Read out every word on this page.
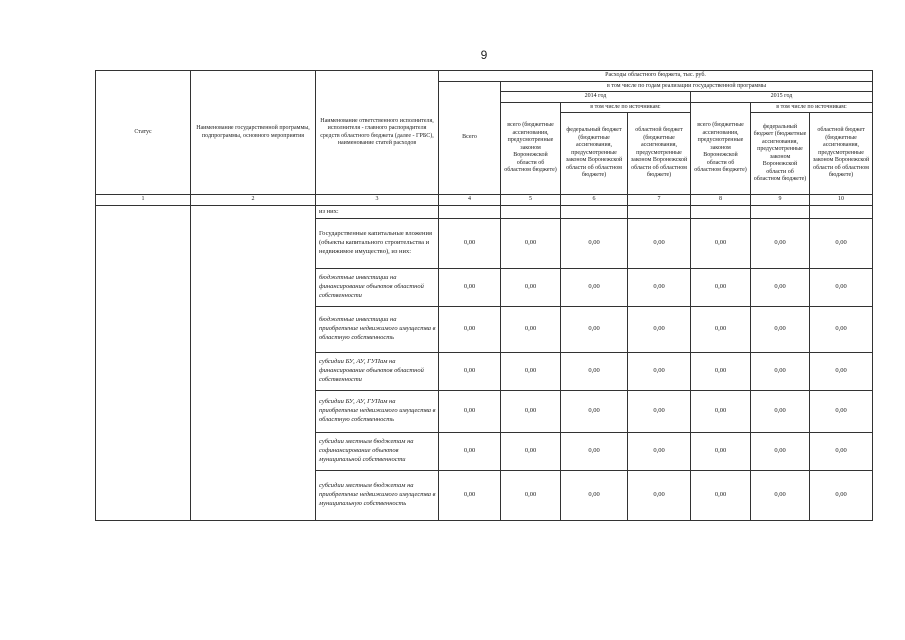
9
Статус	Наименование государственной программы, подпрограммы, основного мероприятия	Наименование ответственного исполнителя, исполнителя - главного распорядителя средств областного бюджета (далее - ГРБС), наименование статей расходов	Расходы областного бюджета, тыс. руб.						
			Всего	в том числе по годам реализации государственной программы					
				2014 год			2015 год		
				всего (бюджетные ассигнования, предусмотренные законом Воронежской области об областном бюджете)	в том числе по источникам:		всего (бюджетные ассигнования, предусмотренные законом Воронежской области об областном бюджете)	в том числе по источникам:	
					федеральный бюджет (бюджетные ассигнования, предусмотренные законом Воронежской области об областном бюджете)	областной бюджет (бюджетные ассигнования, предусмотренные законом Воронежской области об областном бюджете)		федеральный бюджет (бюджетные ассигнования, предусмотренные законом Воронежской области об областном бюджете)	областной бюджет (бюджетные ассигнования, предусмотренные законом Воронежской области об областном бюджете)
1	2	3	4	5	6	7	8	9	10
		из них:							
		Государственные капитальные вложения (объекты капитального строительства и недвижимое имущество), из них:	0,00	0,00	0,00	0,00	0,00	0,00	0,00
		бюджетные инвестиции на финансирование объектов областной собственности	0,00	0,00	0,00	0,00	0,00	0,00	0,00
		бюджетные инвестиции на приобретение недвижимого имущества в областную собственность	0,00	0,00	0,00	0,00	0,00	0,00	0,00
		субсидии БУ, АУ, ГУПам на финансирование объектов областной собственности	0,00	0,00	0,00	0,00	0,00	0,00	0,00
		субсидии БУ, АУ, ГУПам на приобретение недвижимого имущества в областную собственность	0,00	0,00	0,00	0,00	0,00	0,00	0,00
		субсидии местным бюджетам на софинансирование объектов муниципальной собственности	0,00	0,00	0,00	0,00	0,00	0,00	0,00
		субсидии местным бюджетам на приобретение недвижимого имущества в муниципальную собственность	0,00	0,00	0,00	0,00	0,00	0,00	0,00
